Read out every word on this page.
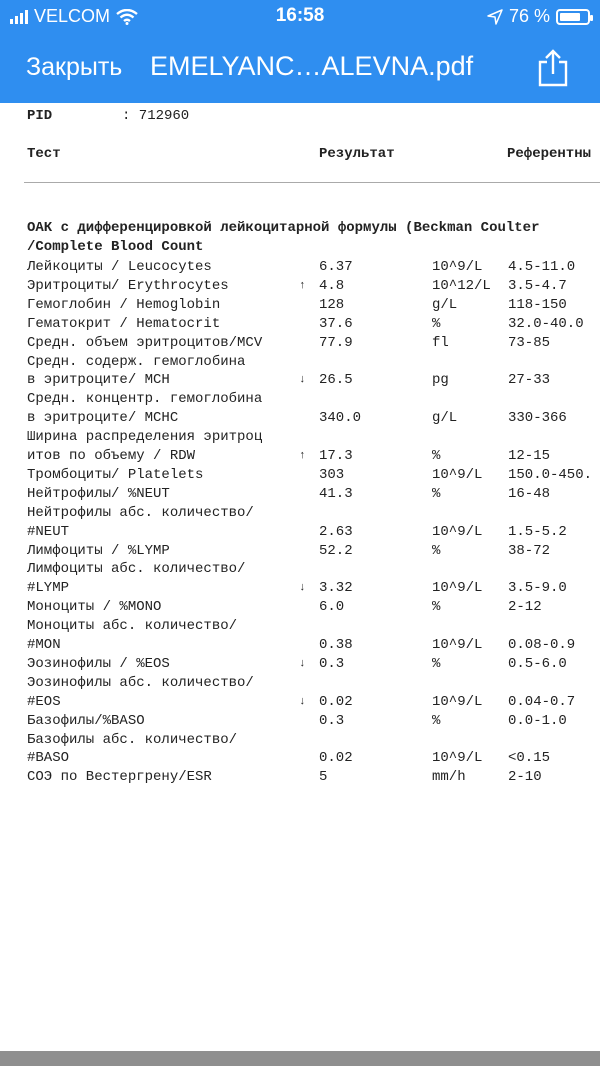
VELCOM	16:58	76 %
Закрыть EMELYANC…ALEVNA.pdf
PID	: 712960
Тест	Результат	Референтны
ОАК с дифференцировкой лейкоцитарной формулы (Beckman Coulter
/Complete Blood Count
Лейкоциты / Leucocytes	6.37	10^9/L 4.5-11.0
Эритроциты/ Erythrocytes	↑ 4.8	10^12/L 3.5-4.7
Гемоглобин / Hemoglobin	128	g/L	118-150
Гематокрит / Hematocrit	37.6	%	32.0-40.0
Средн. объем эритроцитов/MCV	77.9	fl	73-85
Средн. содерж. гемоглобина
в эритроците/ MCH	↓ 26.5	pg	27-33
Средн. концентр. гемоглобина
в эритроците/ MCHC	340.0	g/L	330-366
Ширина распределения эритроц
итов по объему / RDW	↑ 17.3	%	12-15
Тромбоциты/ Platelets	303	10^9/L 150.0-450.
Нейтрофилы/ %NEUT	41.3	%	16-48
Нейтрофилы абс. количество/
#NEUT	2.63	10^9/L 1.5-5.2
Лимфоциты / %LYMP	52.2	%	38-72
Лимфоциты абс. количество/
#LYMP	↓ 3.32	10^9/L 3.5-9.0
Моноциты / %MONO	6.0	%	2-12
Моноциты абс. количество/
#MON	0.38	10^9/L 0.08-0.9
Эозинофилы / %EOS	↓ 0.3	%	0.5-6.0
Эозинофилы абс. количество/
#EOS	↓ 0.02	10^9/L 0.04-0.7
Базофилы/%BASO	0.3	%	0.0-1.0
Базофилы абс. количество/
#BASO	0.02	10^9/L <0.15
СОЭ по Вестергрену/ESR	5	mm/h	2-10
